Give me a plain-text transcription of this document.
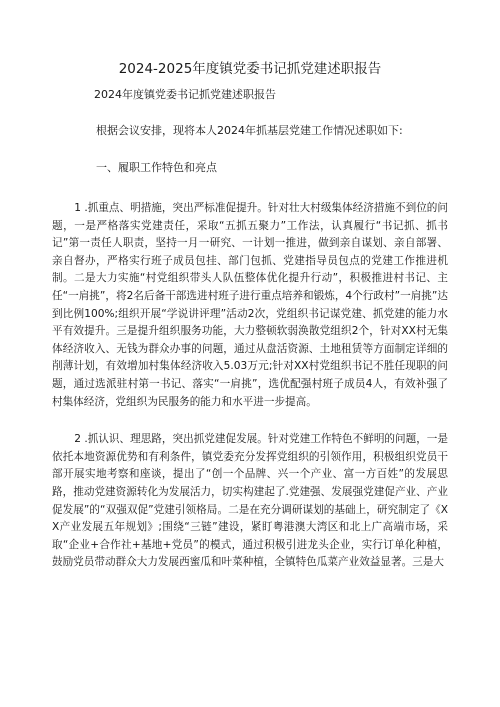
2024-2025年度镇党委书记抓党建述职报告

2024年度镇党委书记抓党建述职报告

根据会议安排，现将本人2024年抓基层党建工作情况述职如下:

一、履职工作特色和亮点

1 .抓重点、明措施，突出严标准促提升。针对壮大村级集体经济措施不到位的问题，一是严格落实党建责任，采取“五抓五聚力”工作法，认真履行“书记抓、抓书记”第一责任人职责，坚持一月一研究、一计划一推进，做到亲自谋划、亲自部署、亲自督办，严格实行班子成员包挂、部门包抓、党建指导员包点的党建工作推进机制。二是大力实施“村党组织带头人队伍整体优化提升行动”，积极推进村书记、主任“一肩挑”，将2名后备干部选进村班子进行重点培养和锻炼，4个行政村”一肩挑”达到比例100%;组织开展“学说讲评理”活动2次，党组织书记谋党建、抓党建的能力水平有效提升。三是提升组织服务功能，大力整顿软弱涣散党组织2个，针对XX村无集体经济收入、无钱为群众办事的问题，通过从盘活资源、土地租赁等方面制定详细的削薄计划，有效增加村集体经济收入5.03万元;针对XX村党组织书记不胜任现职的问题，通过选派驻村第一书记、落实“一肩挑”，选优配强村班子成员4人，有效补强了村集体经济，党组织为民服务的能力和水平进一步提高。

2 .抓认识、理思路，突出抓党建促发展。针对党建工作特色不鲜明的问题，一是依托本地资源优势和有利条件，镇党委充分发挥党组织的引领作用，积极组织党员干部开展实地考察和座谈，提出了“创一个品牌、兴一个产业、富一方百姓”的发展思路，推动党建资源转化为发展活力，切实构建起了.党建强、发展强党建促产业、产业促发展”的“双强双促”党建引领格局。二是在充分调研谋划的基础上，研究制定了《XX产业发展五年规划》;围绕“三链”建设，紧盯粤港澳大湾区和北上广高端市场，采取“企业+合作社+基地+党员”的模式，通过积极引进龙头企业，实行订单化种植，鼓励党员带动群众大力发展西蜜瓜和叶菜种植，全镇特色瓜菜产业效益显著。三是大
